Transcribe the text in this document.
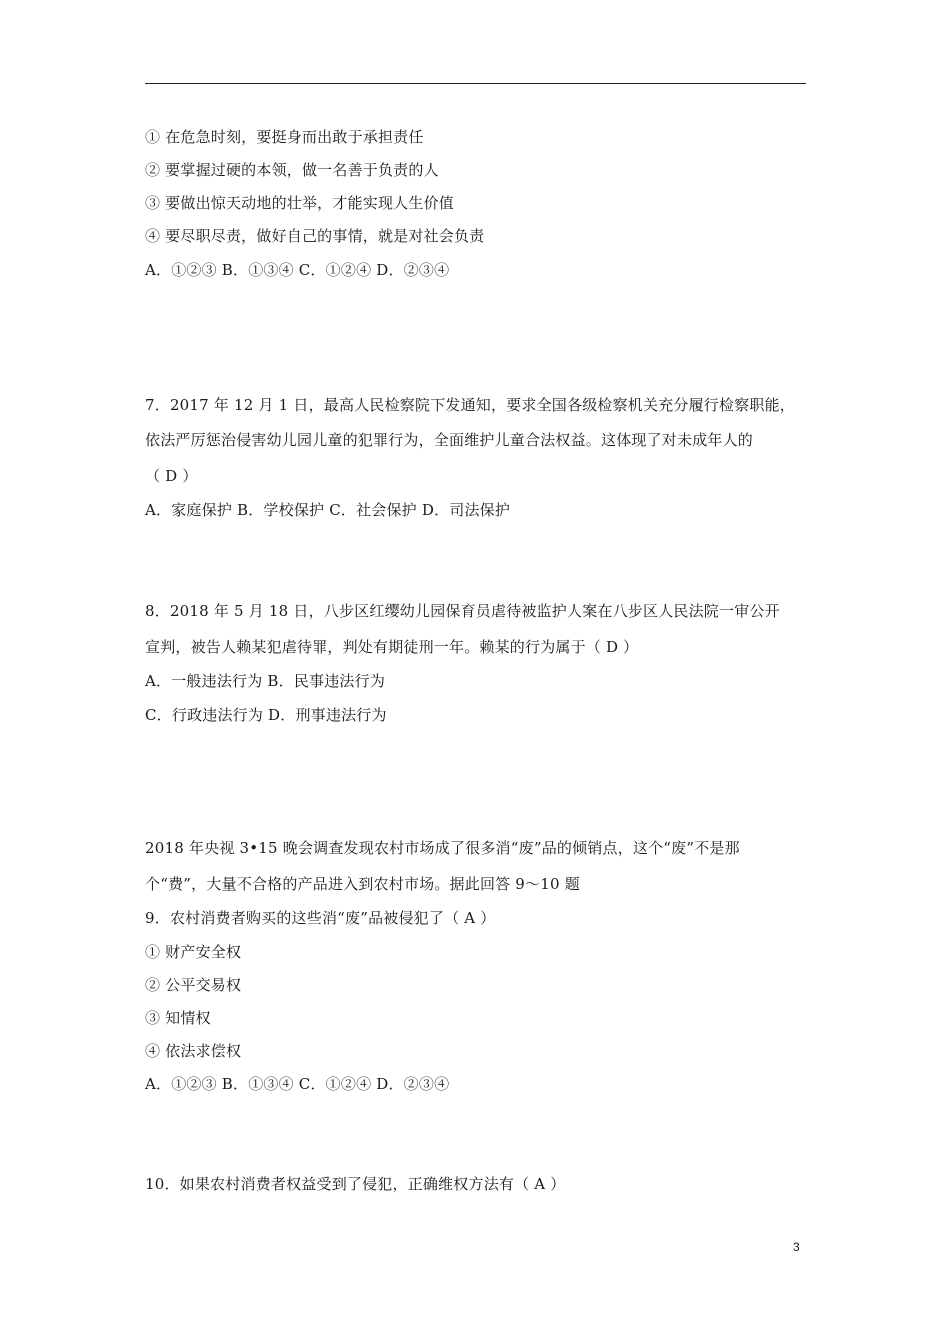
① 在危急时刻，要挺身而出敢于承担责任
② 要掌握过硬的本领，做一名善于负责的人
③ 要做出惊天动地的壮举，才能实现人生价值
④ 要尽职尽责，做好自己的事情，就是对社会负责
A．①②③ B．①③④ C．①②④ D．②③④
7．2017 年 12 月 1 日，最高人民检察院下发通知，要求全国各级检察机关充分履行检察职能，
依法严厉惩治侵害幼儿园儿童的犯罪行为，全面维护儿童合法权益。这体现了对未成年人的
（ D ）
A．家庭保护 B．学校保护 C．社会保护 D．司法保护
8．2018 年 5 月 18 日，八步区红缨幼儿园保育员虐待被监护人案在八步区人民法院一审公开
宣判，被告人赖某犯虐待罪，判处有期徒刑一年。赖某的行为属于（ D ）
A．一般违法行为 B．民事违法行为
C．行政违法行为 D．刑事违法行为
2018 年央视 3•15 晚会调查发现农村市场成了很多消“废”品的倾销点，这个“废”不是那
个“费”，大量不合格的产品进入到农村市场。据此回答 9～10 题
9．农村消费者购买的这些消“废”品被侵犯了（ A ）
① 财产安全权
② 公平交易权
③ 知情权
④ 依法求偿权
A．①②③ B．①③④ C．①②④ D．②③④
10．如果农村消费者权益受到了侵犯，正确维权方法有（ A ）
3
